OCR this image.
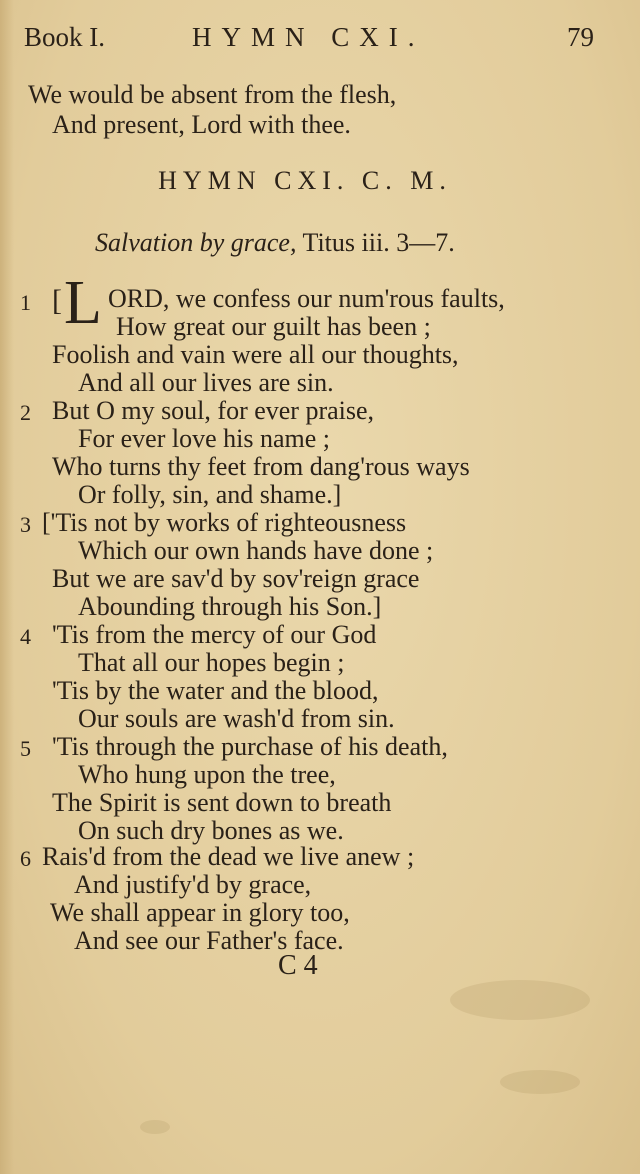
Book I.	HYMN CXI.	79
We would be absent from the flesh,
And present, Lord with thee.
HYMN CXI. C. M.
Salvation by grace, Titus iii. 3—7.
1 [ L ORD, we confess our num'rous faults,
How great our guilt has been ;
Foolish and vain were all our thoughts,
And all our lives are sin.
2 But O my soul, for ever praise,
For ever love his name ;
Who turns thy feet from dang'rous ways
Or folly, sin, and shame.]
3 ['Tis not by works of righteousness
Which our own hands have done ;
But we are sav'd by sov'reign grace
Abounding through his Son.]
4 'Tis from the mercy of our God
That all our hopes begin ;
'Tis by the water and the blood,
Our souls are wash'd from sin.
5 'Tis through the purchase of his death,
Who hung upon the tree,
The Spirit is sent down to breath
On such dry bones as we.
6 Rais'd from the dead we live anew ;
And justify'd by grace,
We shall appear in glory too,
And see our Father's face.
C 4
